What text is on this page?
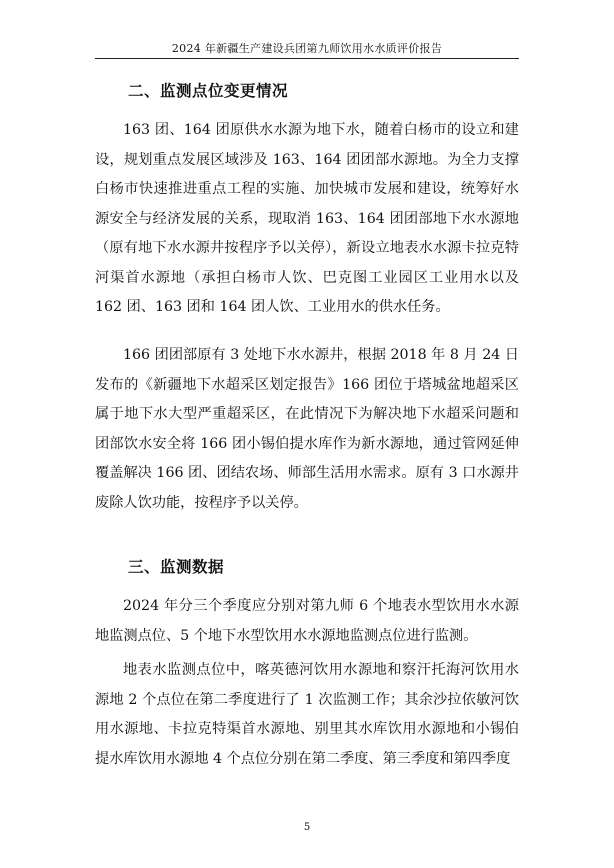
2024 年新疆生产建设兵团第九师饮用水水质评价报告
二、监测点位变更情况

163 团、164 团原供水水源为地下水，随着白杨市的设立和建设，规划重点发展区域涉及 163、164 团团部水源地。为全力支撑白杨市快速推进重点工程的实施、加快城市发展和建设，统筹好水源安全与经济发展的关系，现取消 163、164 团团部地下水水源地（原有地下水水源井按程序予以关停），新设立地表水水源卡拉克特河渠首水源地（承担白杨市人饮、巴克图工业园区工业用水以及 162 团、163 团和 164 团人饮、工业用水的供水任务。

166 团团部原有 3 处地下水水源井，根据 2018 年 8 月 24 日发布的《新疆地下水超采区划定报告》166 团位于塔城盆地超采区属于地下水大型严重超采区，在此情况下为解决地下水超采问题和团部饮水安全将 166 团小锡伯提水库作为新水源地，通过管网延伸覆盖解决 166 团、团结农场、师部生活用水需求。原有 3 口水源井废除人饮功能，按程序予以关停。

三、监测数据

2024 年分三个季度应分别对第九师 6 个地表水型饮用水水源地监测点位、5 个地下水型饮用水水源地监测点位进行监测。

地表水监测点位中，喀英德河饮用水源地和察汗托海河饮用水源地 2 个点位在第二季度进行了 1 次监测工作；其余沙拉依敏河饮用水源地、卡拉克特渠首水源地、别里其水库饮用水源地和小锡伯提水库饮用水源地 4 个点位分别在第二季度、第三季度和第四季度

5
